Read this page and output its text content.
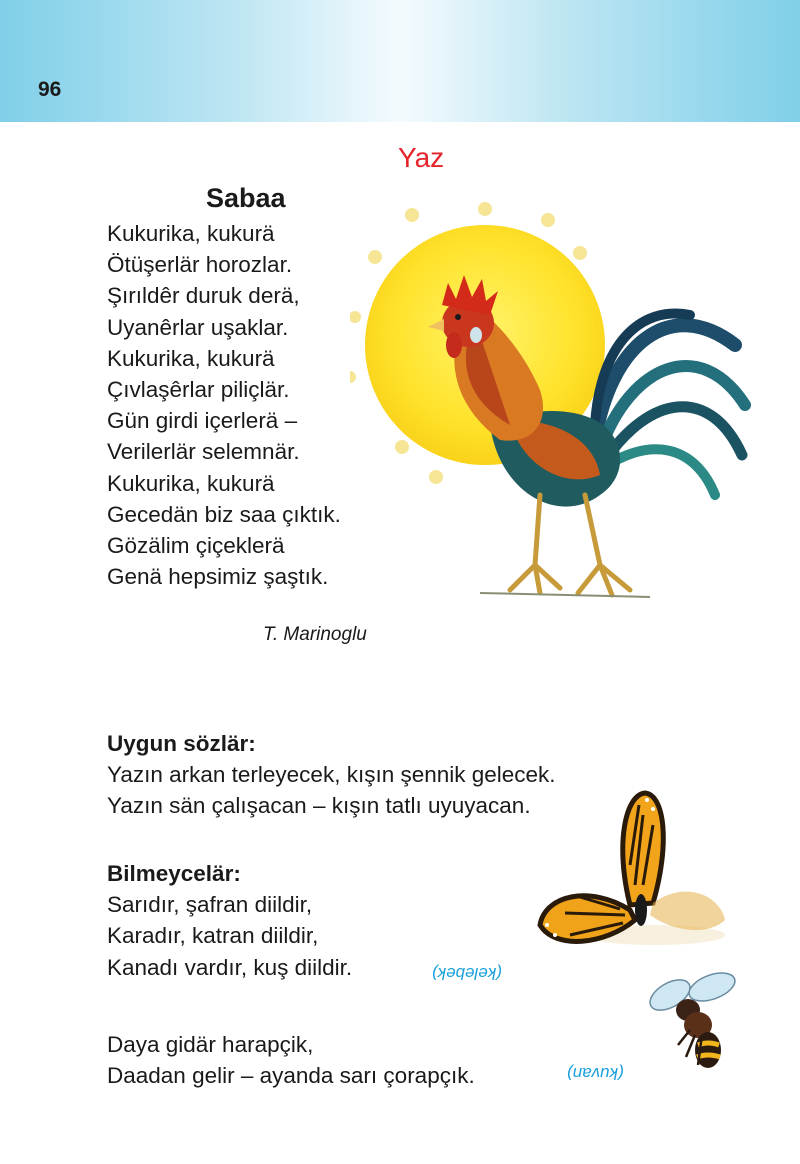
96
Yaz
Sabaa
Kukurika, kukurä
Ötüşerlär horozlar.
Şırıldêr duruk derä,
Uyanêrlar uşaklar.
Kukurika, kukurä
Çıvlaşêrlar piliçlär.
Gün girdi içerlerä –
Verilerlär selemnär.
Kukurika, kukurä
Gecedän biz saa çıktık.
Gözälim çiçeklerä
Genä hepsimiz şaştık.
T. Marinoglu
Uygun sözlär:
Yazın arkan terleyecek, kışın şennik gelecek.
Yazın sän çalışacan – kışın tatlı uyuyacan.
Bilmeycelär:
Sarıdır, şafran diildir,
Karadır, katran diildir,
Kanadı vardır, kuş diildir.	(kelebek)
Daya gidär harapçik,
Daadan gelir – ayanda sarı çorapçık.	(kuvan)
